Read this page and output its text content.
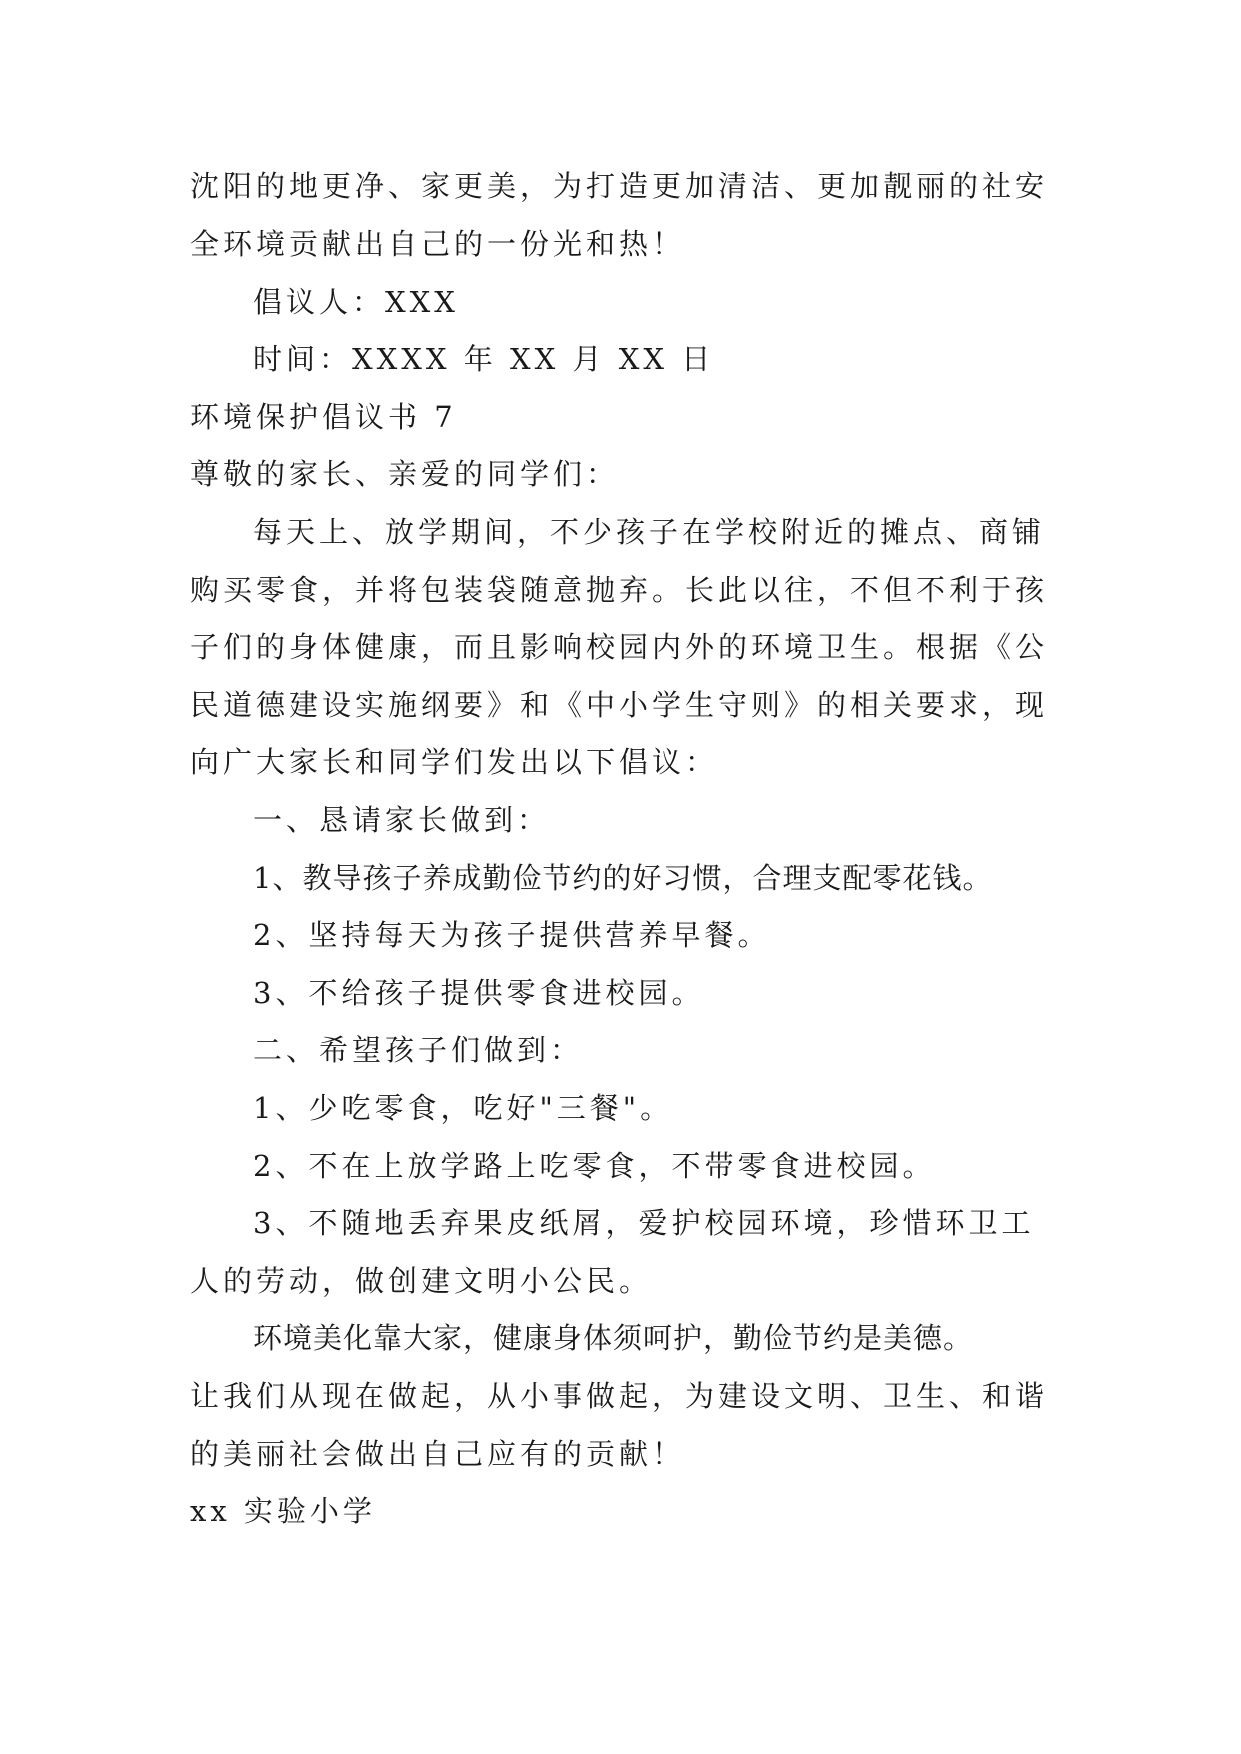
沈阳的地更净、家更美，为打造更加清洁、更加靓丽的社安
全环境贡献出自己的一份光和热！
倡议人：XXX
时间：XXXX 年 XX 月 XX 日
环境保护倡议书 7
尊敬的家长、亲爱的同学们：
每天上、放学期间，不少孩子在学校附近的摊点、商铺
购买零食，并将包装袋随意抛弃。长此以往，不但不利于孩
子们的身体健康，而且影响校园内外的环境卫生。根据《公
民道德建设实施纲要》和《中小学生守则》的相关要求，现
向广大家长和同学们发出以下倡议：
一、恳请家长做到：
1、教导孩子养成勤俭节约的好习惯，合理支配零花钱。
2、坚持每天为孩子提供营养早餐。
3、不给孩子提供零食进校园。
二、希望孩子们做到：
1、少吃零食，吃好"三餐"。
2、不在上放学路上吃零食，不带零食进校园。
3、不随地丢弃果皮纸屑，爱护校园环境，珍惜环卫工
人的劳动，做创建文明小公民。
环境美化靠大家，健康身体须呵护，勤俭节约是美德。
让我们从现在做起，从小事做起，为建设文明、卫生、和谐
的美丽社会做出自己应有的贡献！
xx 实验小学
